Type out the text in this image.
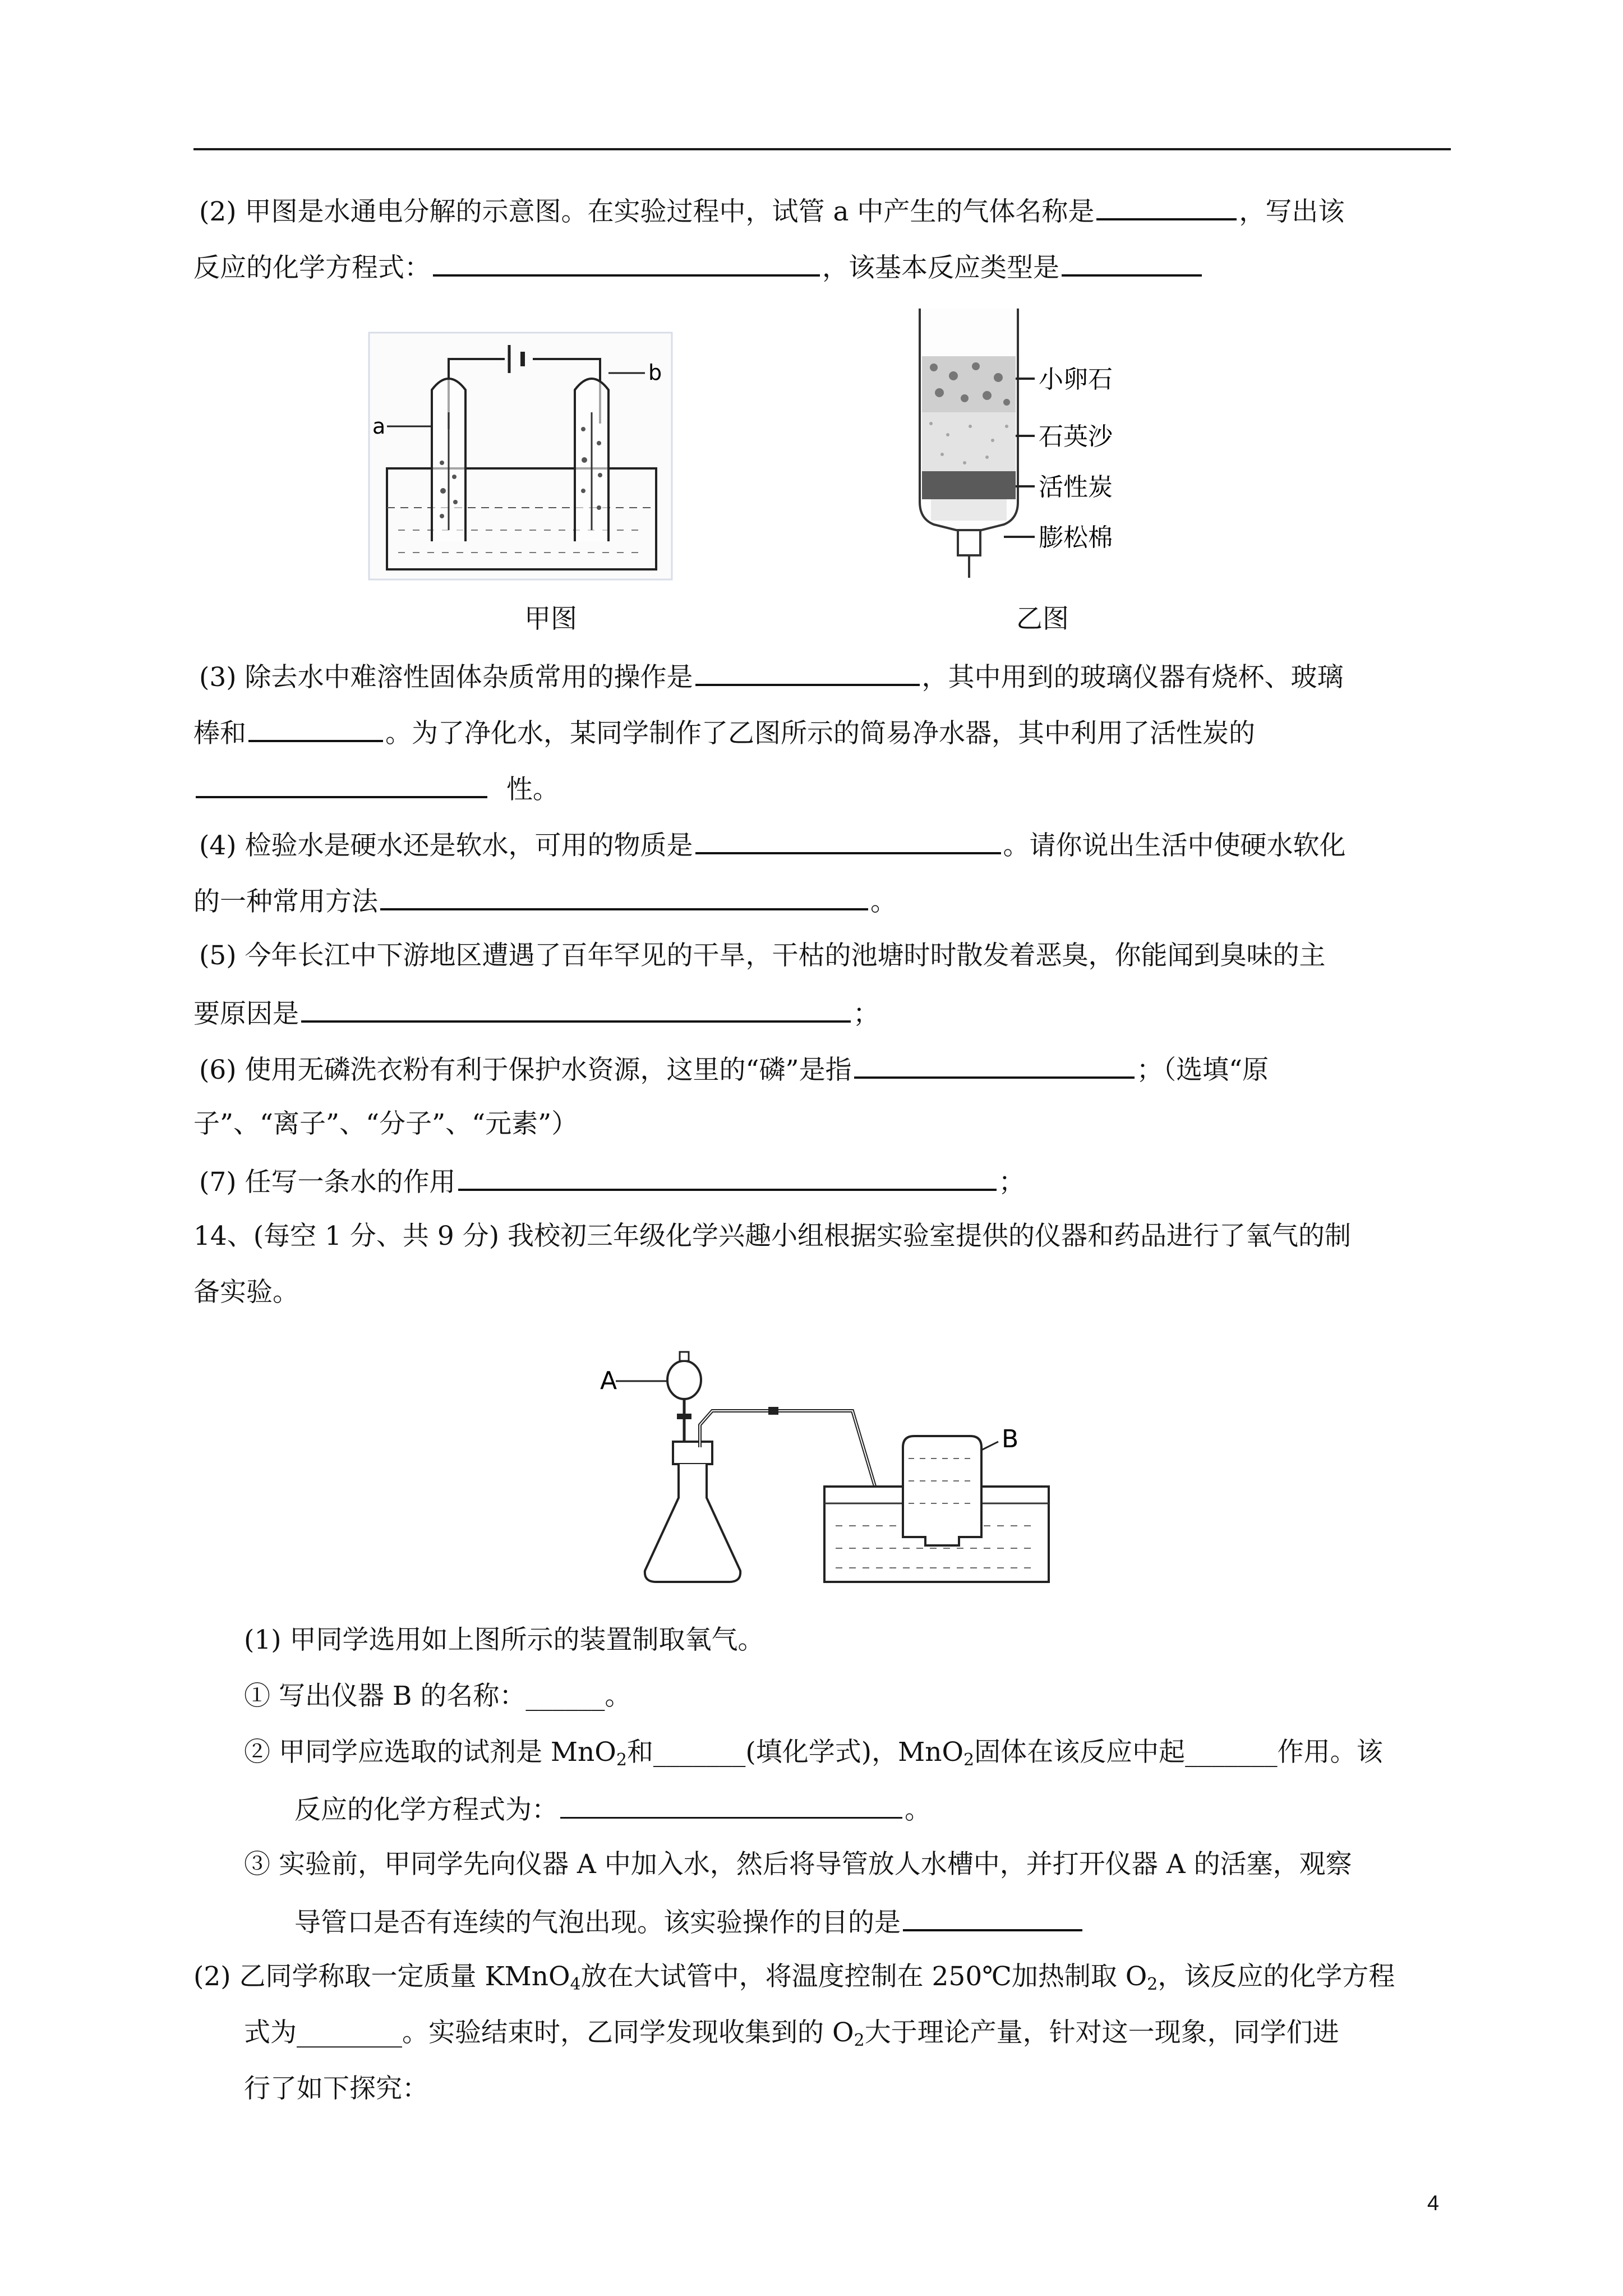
(2) 甲图是水通电分解的示意图。在实验过程中，试管 a 中产生的气体名称是	，写出该
反应的化学方程式：	，该基本反应类型是
a
b
甲图
小卵石
石英沙
活性炭
膨松棉
乙图
(3) 除去水中难溶性固体杂质常用的操作是	，其中用到的玻璃仪器有烧杯、玻璃
棒和	。为了净化水，某同学制作了乙图所示的简易净水器，其中利用了活性炭的
性。
(4) 检验水是硬水还是软水，可用的物质是	。请你说出生活中使硬水软化
的一种常用方法	。
(5) 今年长江中下游地区遭遇了百年罕见的干旱，干枯的池塘时时散发着恶臭，你能闻到臭味的主
要原因是	；
(6) 使用无磷洗衣粉有利于保护水资源，这里的“磷”是指	；（选填“原
子”、“离子”、“分子”、“元素”）
(7) 任写一条水的作用	；
14、(每空 1 分、共 9 分) 我校初三年级化学兴趣小组根据实验室提供的仪器和药品进行了氧气的制
备实验。
A
B
(1) 甲同学选用如上图所示的装置制取氧气。
① 写出仪器 B 的名称：______。
② 甲同学应选取的试剂是 MnO$_2$和_______(填化学式)，MnO$_2$固体在该反应中起_______作用。该
反应的化学方程式为：	。
③ 实验前，甲同学先向仪器 A 中加入水，然后将导管放人水槽中，并打开仪器 A 的活塞，观察
导管口是否有连续的气泡出现。该实验操作的目的是
(2) 乙同学称取一定质量 KMnO$_4$放在大试管中，将温度控制在 250℃加热制取 $O_2$，该反应的化学方程
式为________。实验结束时，乙同学发现收集到的 $O_2$大于理论产量，针对这一现象，同学们进
行了如下探究：
4
